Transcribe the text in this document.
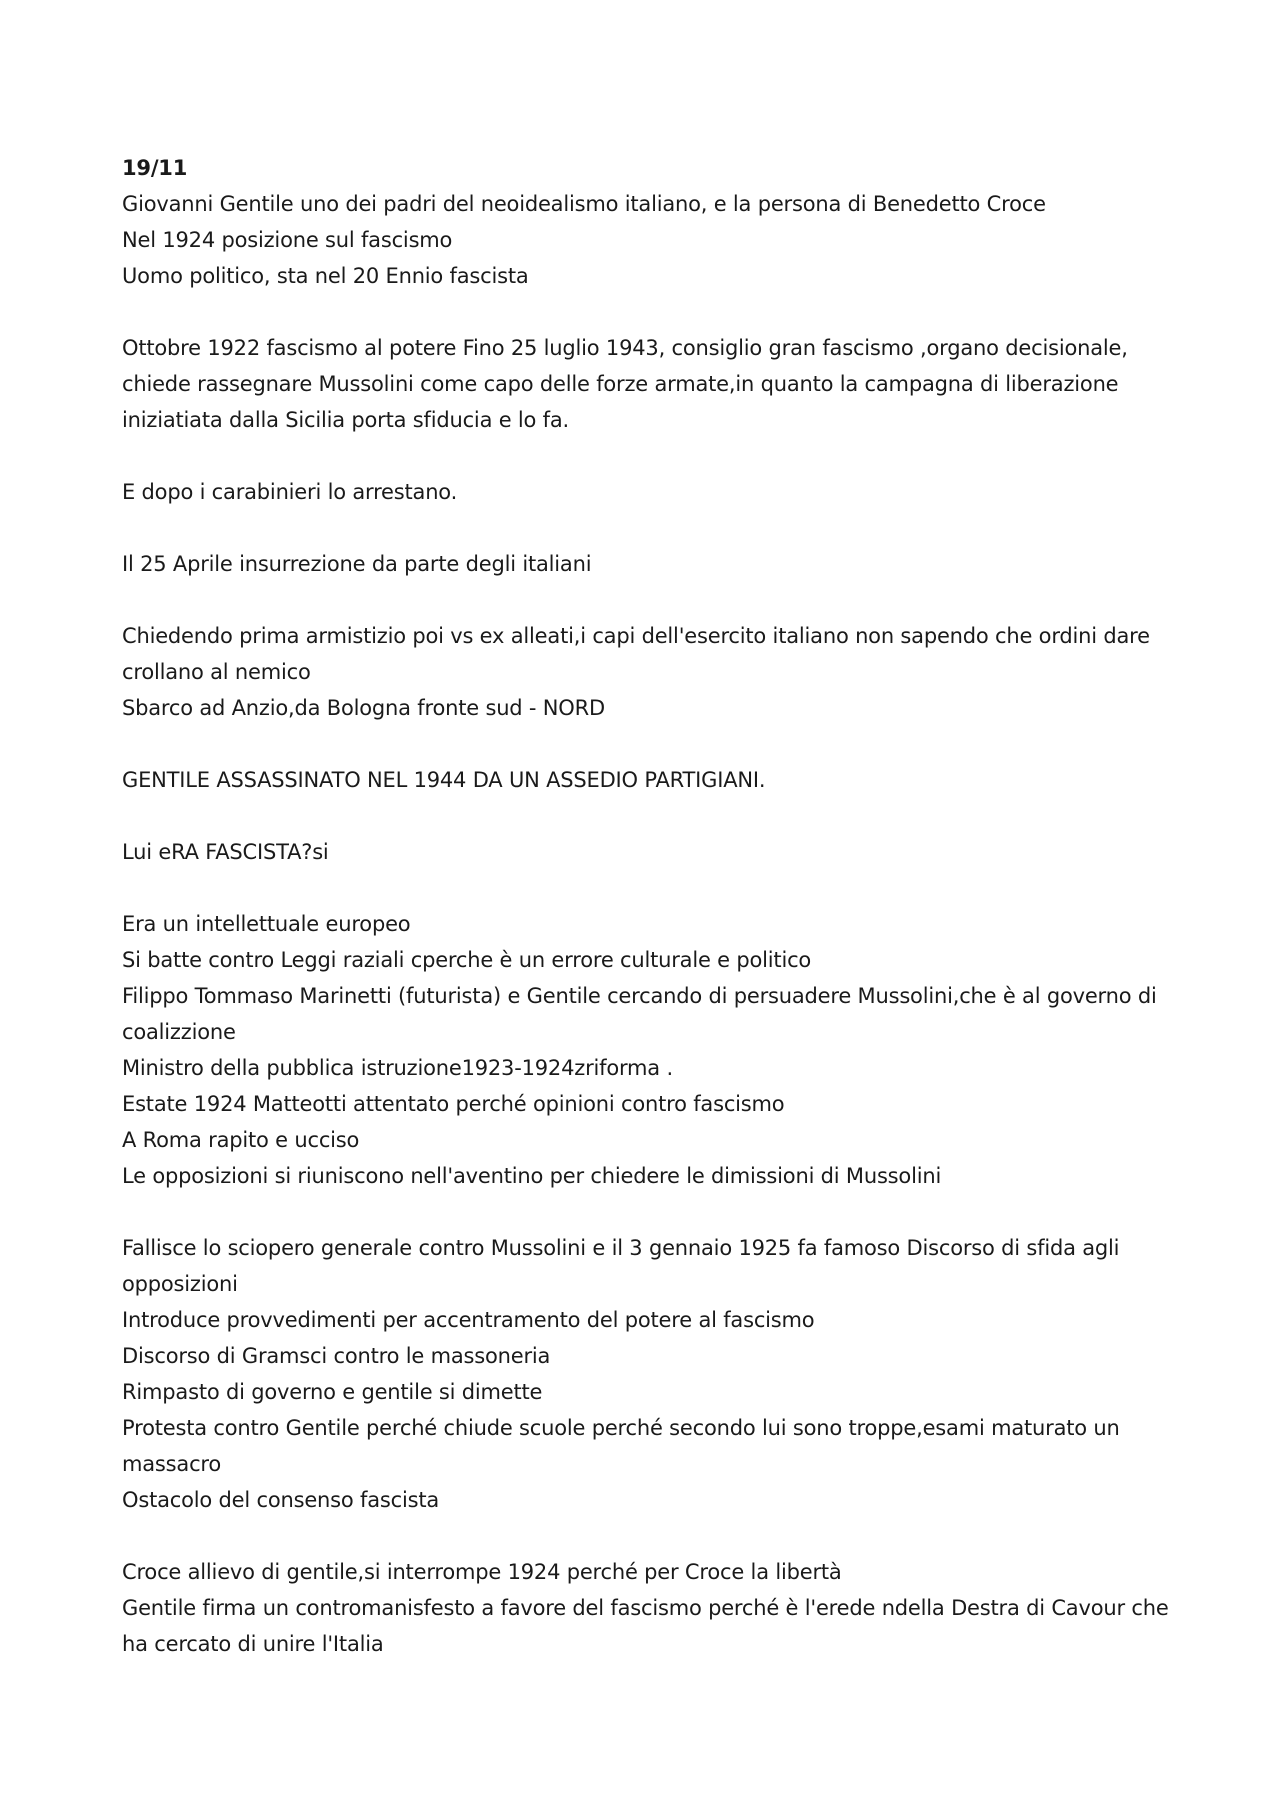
19/11

Giovanni Gentile uno dei padri del neoidealismo italiano, e la persona di Benedetto Croce
Nel 1924 posizione sul fascismo
Uomo politico, sta nel 20 Ennio fascista
Ottobre 1922 fascismo al potere Fino 25 luglio 1943, consiglio gran fascismo ,organo decisionale, chiede rassegnare Mussolini come capo delle forze armate,in quanto la campagna di liberazione iniziatiata dalla Sicilia porta sfiducia e lo fa.
E dopo i carabinieri lo arrestano.
Il 25 Aprile insurrezione da parte degli italiani
Chiedendo prima armistizio poi vs ex alleati,i capi dell'esercito italiano non sapendo che ordini dare crollano al nemico
Sbarco ad Anzio,da Bologna fronte sud - NORD
GENTILE ASSASSINATO NEL 1944 DA UN ASSEDIO PARTIGIANI.
Lui eRA FASCISTA?si
Era un intellettuale europeo
Si batte contro Leggi raziali cperche è un errore culturale e politico
Filippo Tommaso Marinetti (futurista) e Gentile cercando di persuadere Mussolini,che è al governo di coalizzione
Ministro della pubblica istruzione1923-1924zriforma .
Estate 1924 Matteotti attentato perché opinioni contro fascismo
A Roma rapito e ucciso
Le opposizioni si riuniscono nell'aventino per chiedere le dimissioni di Mussolini
Fallisce lo sciopero generale contro Mussolini e il 3 gennaio 1925 fa famoso Discorso di sfida agli opposizioni
Introduce provvedimenti per accentramento del potere al fascismo
Discorso di Gramsci contro le massoneria
Rimpasto di governo e gentile si dimette
Protesta contro Gentile perché chiude scuole perché secondo lui sono troppe,esami maturato un massacro
Ostacolo del consenso fascista
Croce allievo di gentile,si interrompe 1924 perché per Croce la libertà
Gentile firma un contromanisfesto a favore del fascismo perché è l'erede ndella Destra di Cavour che ha cercato di unire l'Italia
